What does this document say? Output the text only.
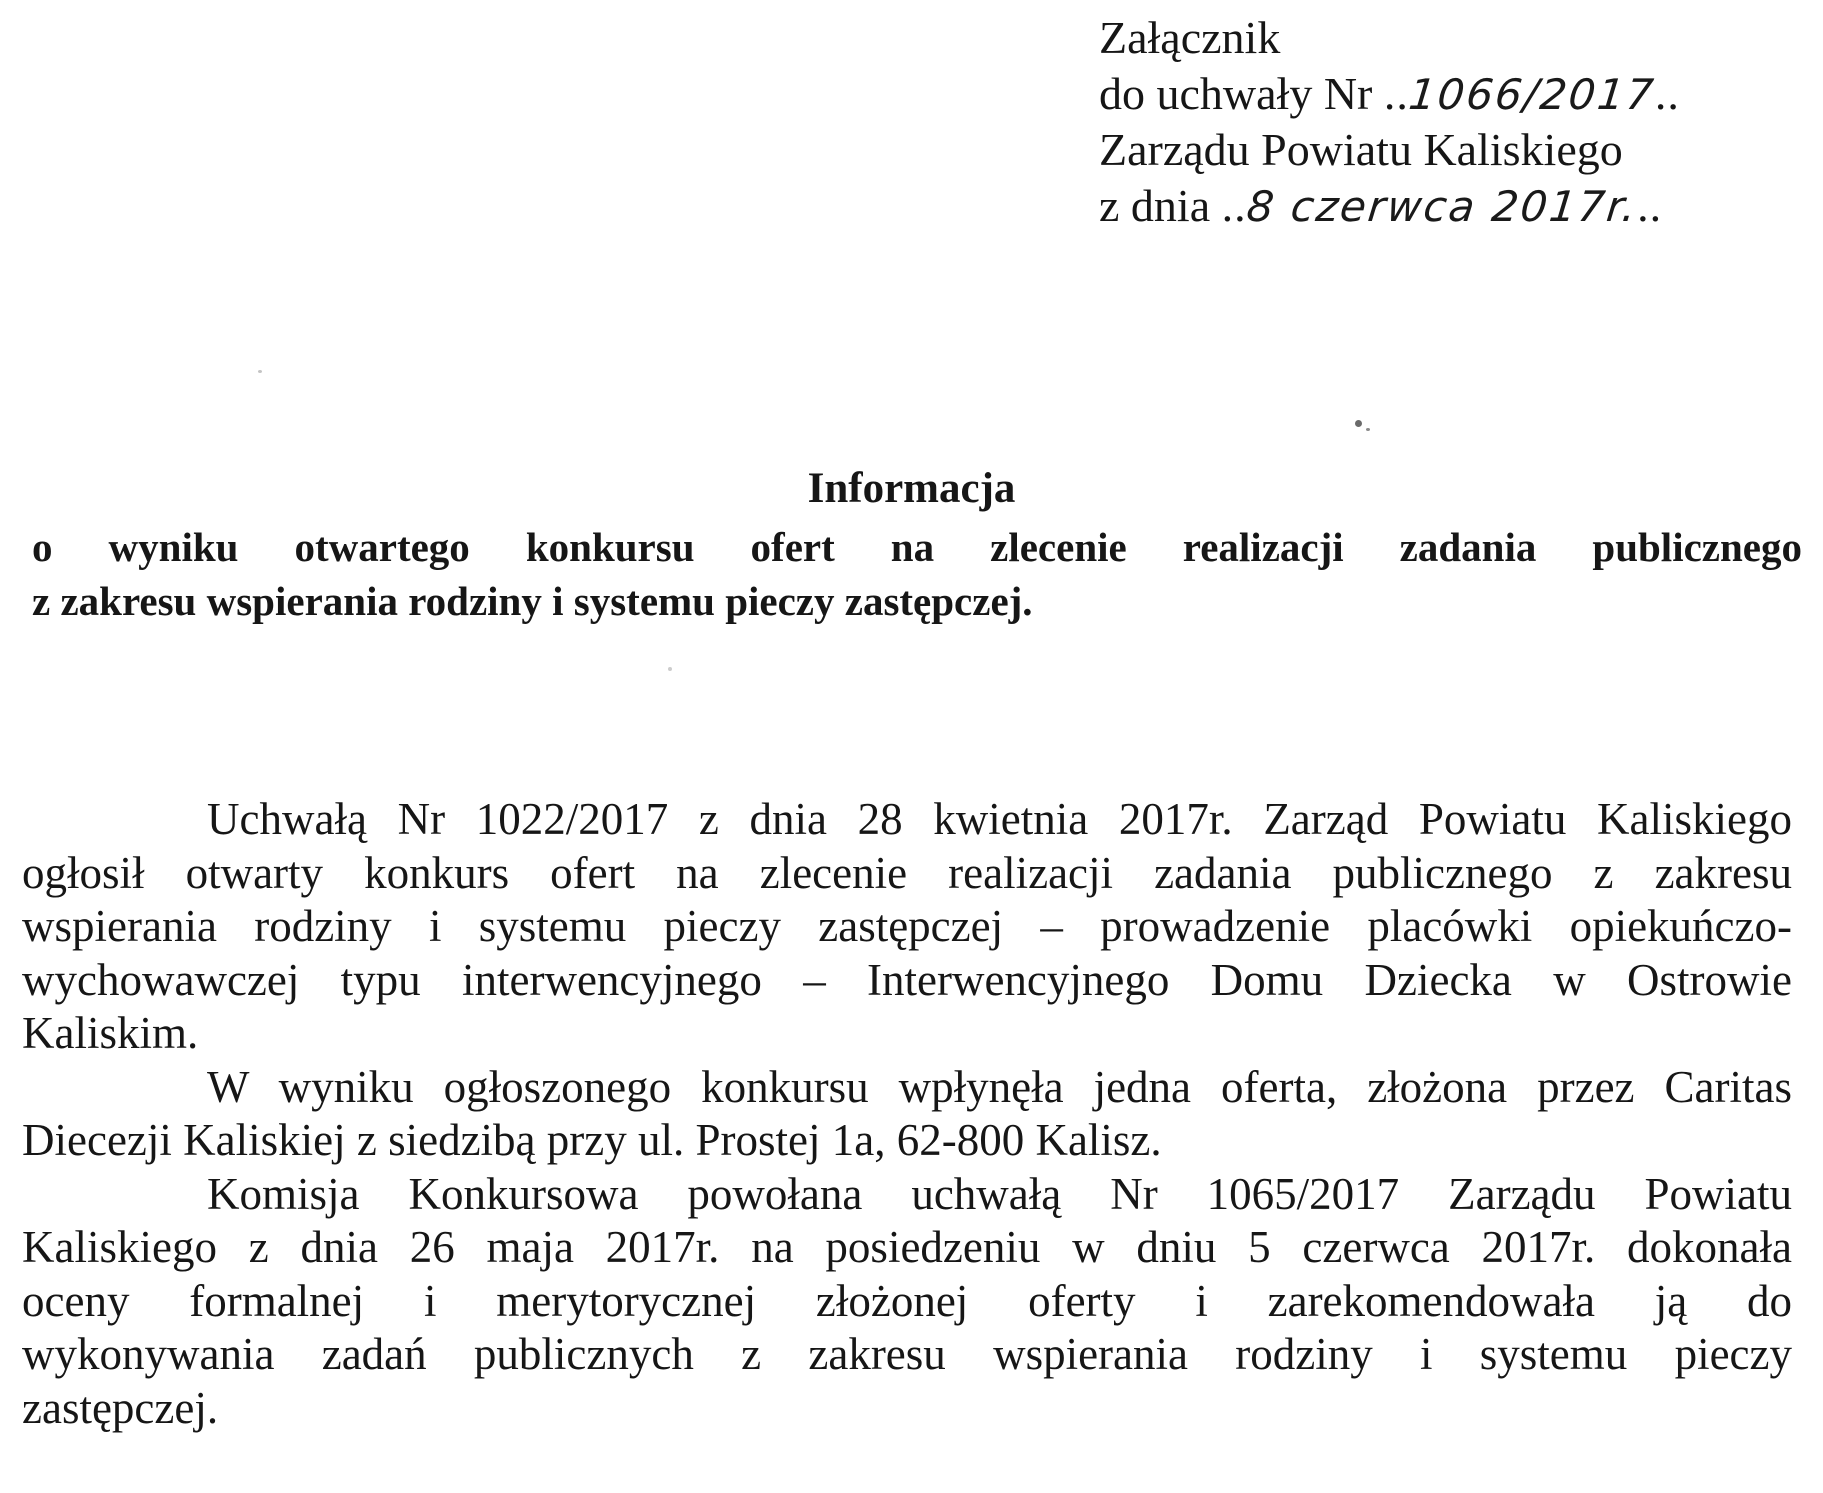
Załącznik
do uchwały Nr ..1066/2017..
Zarządu Powiatu Kaliskiego
z dnia ..8 czerwca 2017r...
Informacja
o wyniku otwartego konkursu ofert na zlecenie realizacji zadania publicznego
z zakresu wspierania rodziny i systemu pieczy zastępczej.
Uchwałą Nr 1022/2017 z dnia 28 kwietnia 2017r. Zarząd Powiatu Kaliskiego
ogłosił otwarty konkurs ofert na zlecenie realizacji zadania publicznego z zakresu
wspierania rodziny i systemu pieczy zastępczej – prowadzenie placówki opiekuńczo-
wychowawczej typu interwencyjnego – Interwencyjnego Domu Dziecka w Ostrowie
Kaliskim.
W wyniku ogłoszonego konkursu wpłynęła jedna oferta, złożona przez Caritas
Diecezji Kaliskiej z siedzibą przy ul. Prostej 1a, 62-800 Kalisz.
Komisja Konkursowa powołana uchwałą Nr 1065/2017 Zarządu Powiatu
Kaliskiego z dnia 26 maja 2017r. na posiedzeniu w dniu 5 czerwca 2017r. dokonała
oceny formalnej i merytorycznej złożonej oferty i zarekomendowała ją do
wykonywania zadań publicznych z zakresu wspierania rodziny i systemu pieczy
zastępczej.
